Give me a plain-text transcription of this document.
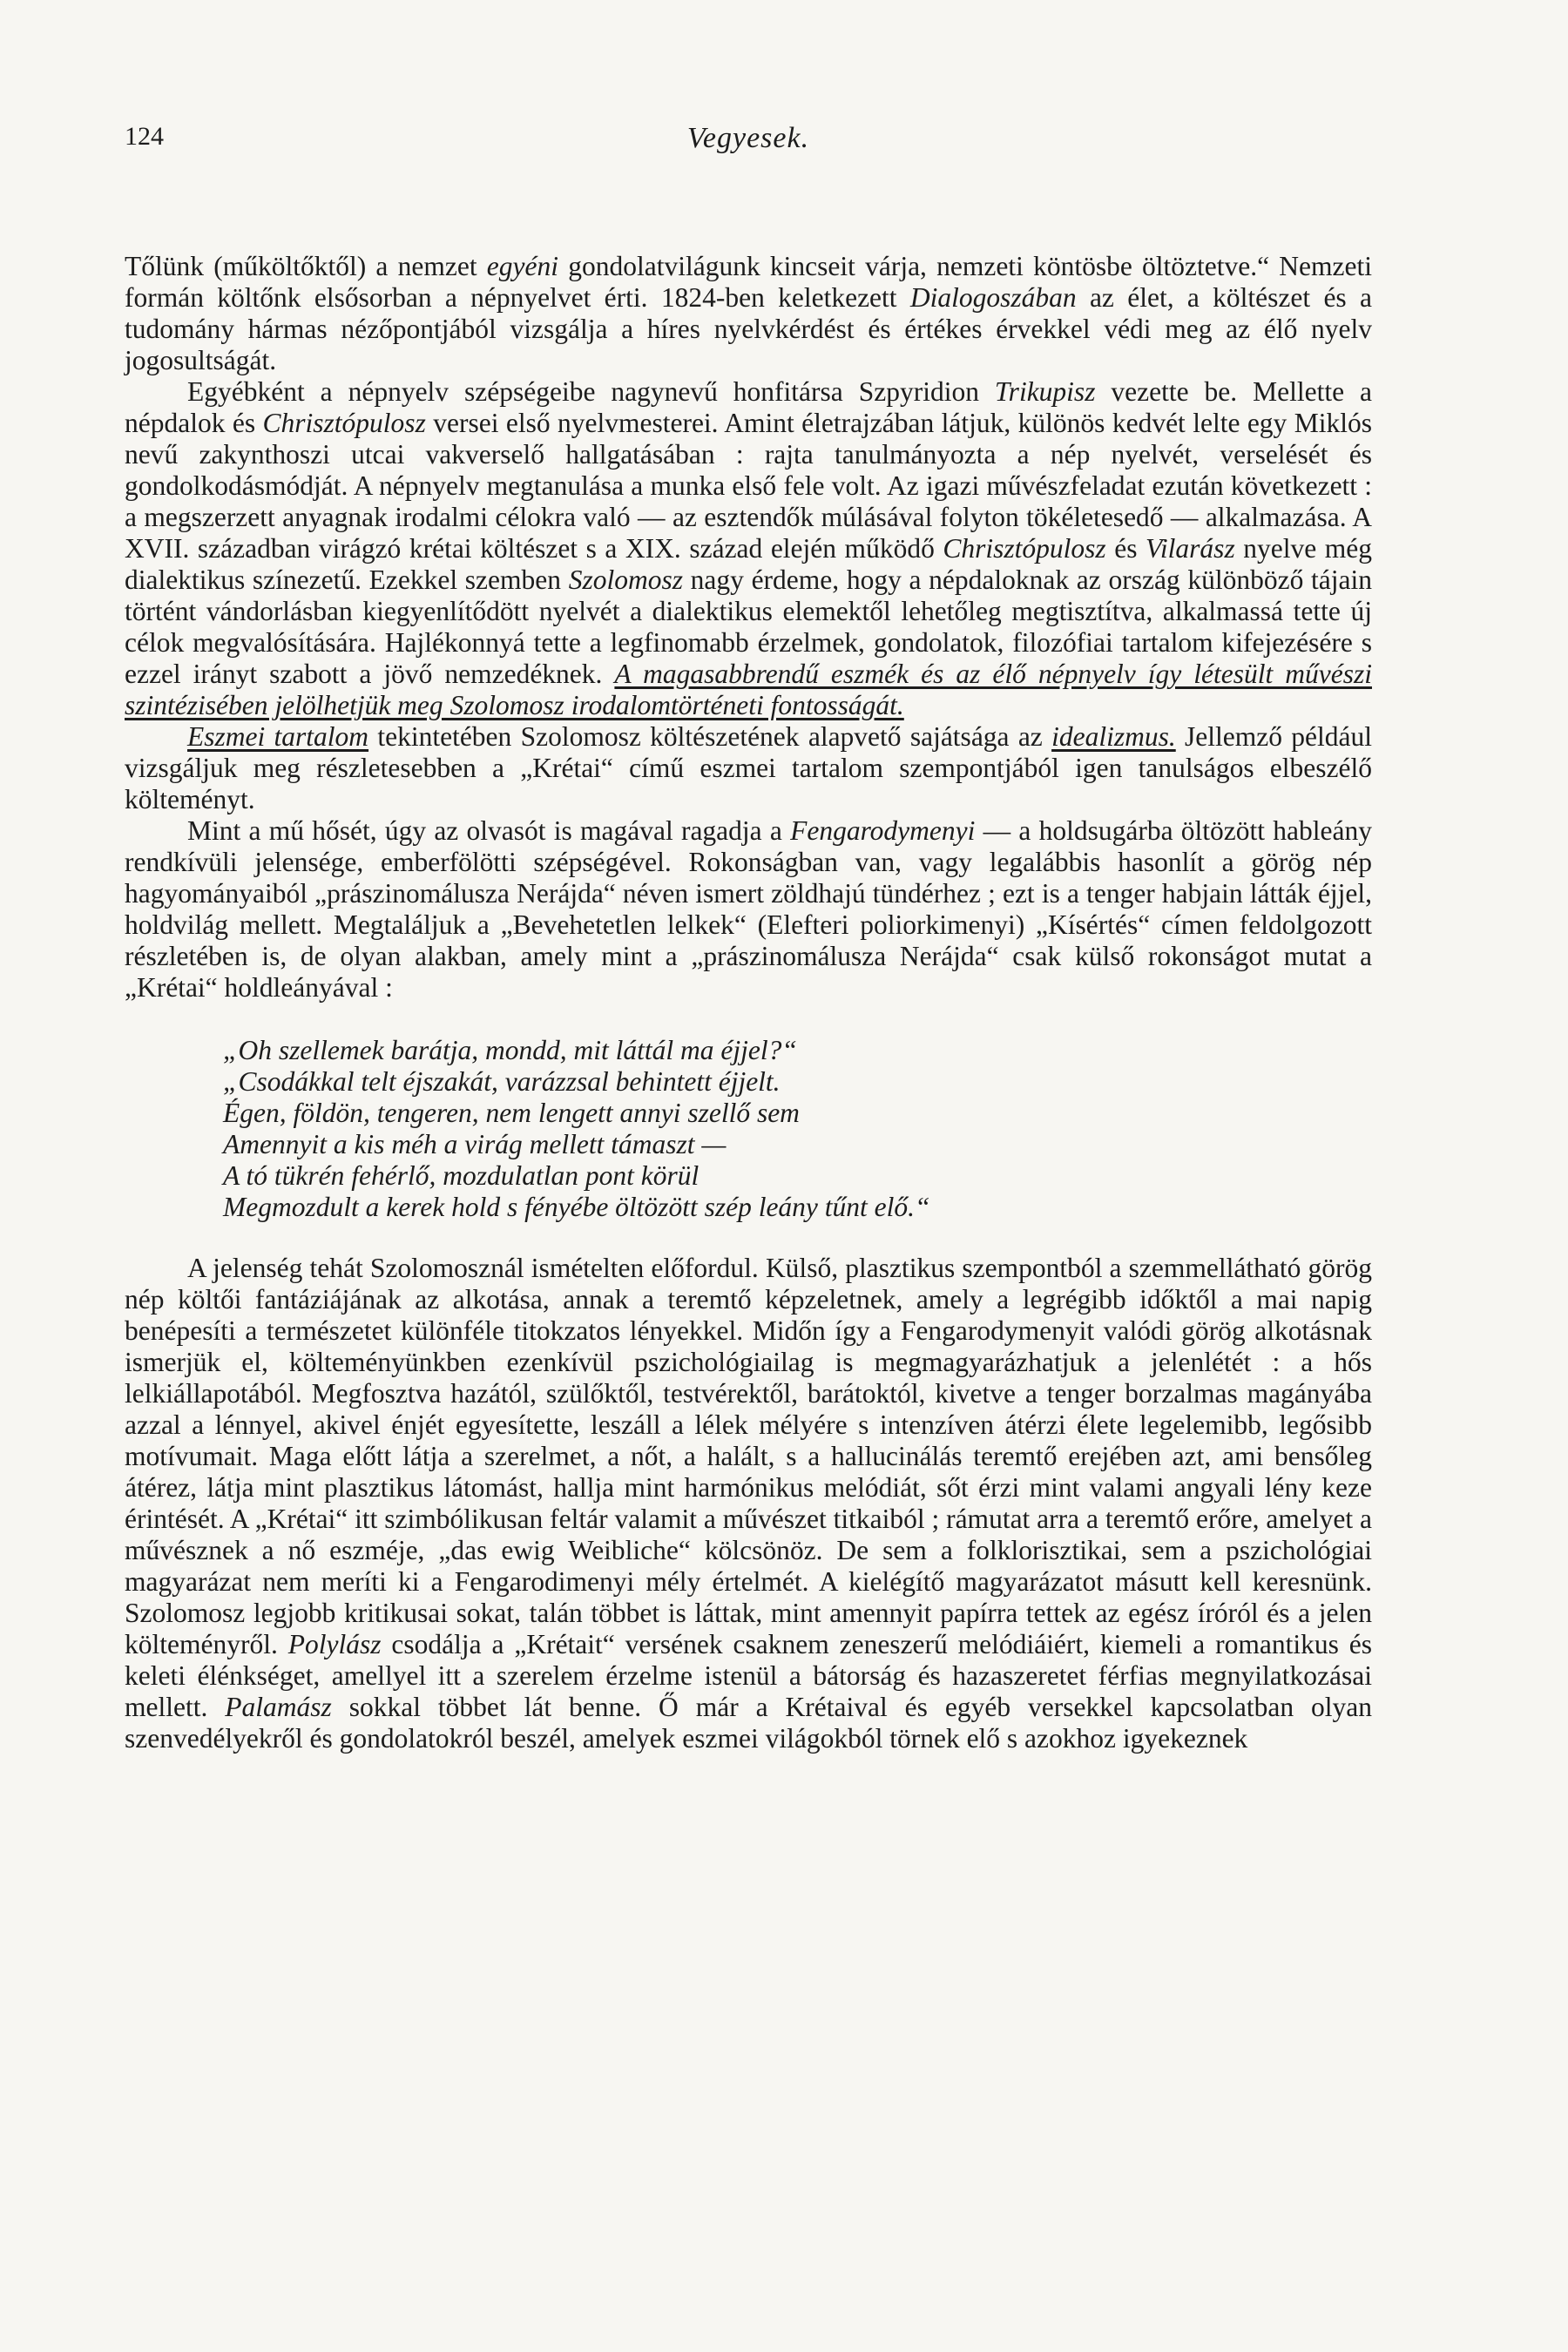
124	Vegyesek.

Tőlünk (műköltőktől) a nemzet egyéni gondolatvilágunk kincseit várja, nemzeti köntösbe öltöztetve.“ Nemzeti formán költőnk elsősorban a népnyelvet érti. 1824-ben keletkezett Dialogoszában az élet, a költészet és a tudomány hármas nézőpontjából vizsgálja a híres nyelvkérdést és értékes érvekkel védi meg az élő nyelv jogosultságát.

Egyébként a népnyelv szépségeibe nagynevű honfitársa Szpyridion Trikupisz vezette be. Mellette a népdalok és Chrisztópulosz versei első nyelvmesterei. Amint életrajzában látjuk, különös kedvét lelte egy Miklós nevű zakynthoszi utcai vakverselő hallgatásában : rajta tanulmányozta a nép nyelvét, verselését és gondolkodásmódját. A népnyelv megtanulása a munka első fele volt. Az igazi művészfeladat ezután következett : a megszerzett anyagnak irodalmi célokra való — az esztendők múlásával folyton tökéletesedő — alkalmazása. A XVII. században virágzó krétai költészet s a XIX. század elején működő Chrisztópulosz és Vilarász nyelve még dialektikus színezetű. Ezekkel szemben Szolomosz nagy érdeme, hogy a népdaloknak az ország különböző tájain történt vándorlásban kiegyenlítődött nyelvét a dialektikus elemektől lehetőleg megtisztítva, alkalmassá tette új célok megvalósítására. Hajlékonnyá tette a legfinomabb érzelmek, gondolatok, filozófiai tartalom kifejezésére s ezzel irányt szabott a jövő nemzedéknek. A magasabbrendű eszmék és az élő népnyelv így létesült művészi szintézisében jelölhetjük meg Szolomosz irodalomtörténeti fontosságát.

Eszmei tartalom tekintetében Szolomosz költészetének alapvető sajátsága az idealizmus. Jellemző például vizsgáljuk meg részletesebben a „Krétai“ című eszmei tartalom szempontjából igen tanulságos elbeszélő költeményt.

Mint a mű hősét, úgy az olvasót is magával ragadja a Fengarodymenyi — a holdsugárba öltözött hableány rendkívüli jelensége, emberfölötti szépségével. Rokonságban van, vagy legalábbis hasonlít a görög nép hagyományaiból „prászinomálusza Nerájda“ néven ismert zöldhajú tündérhez ; ezt is a tenger habjain látták éjjel, holdvilág mellett. Megtaláljuk a „Bevehetetlen lelkek“ (Elefteri poliorkimenyi) „Kísértés“ címen feldolgozott részletében is, de olyan alakban, amely mint a „prászinomálusza Nerájda“ csak külső rokonságot mutat a „Krétai“ holdleányával :

„Oh szellemek barátja, mondd, mit láttál ma éjjel?“
„Csodákkal telt éjszakát, varázzsal behintett éjjelt.
Égen, földön, tengeren, nem lengett annyi szellő sem
Amennyit a kis méh a virág mellett támaszt —
A tó tükrén fehérlő, mozdulatlan pont körül
Megmozdult a kerek hold s fényébe öltözött szép leány tűnt elő.“

A jelenség tehát Szolomosznál ismételten előfordul. Külső, plasztikus szempontból a szemmellátható görög nép költői fantáziájának az alkotása, annak a teremtő képzeletnek, amely a legrégibb időktől a mai napig benépesíti a természetet különféle titokzatos lényekkel. Midőn így a Fengarodymenyit valódi görög alkotásnak ismerjük el, költeményünkben ezenkívül pszichológiailag is megmagyarázhatjuk a jelenlétét : a hős lelkiállapotából. Megfosztva hazától, szülőktől, testvérektől, barátoktól, kivetve a tenger borzalmas magányába azzal a lénnyel, akivel énjét egyesítette, leszáll a lélek mélyére s intenzíven átérzi élete legelemibb, legősibb motívumait. Maga előtt látja a szerelmet, a nőt, a halált, s a hallucinálás teremtő erejében azt, ami bensőleg átérez, látja mint plasztikus látomást, hallja mint harmónikus melódiát, sőt érzi mint valami angyali lény keze érintését. A „Krétai“ itt szimbólikusan feltár valamit a művészet titkaiból ; rámutat arra a teremtő erőre, amelyet a művésznek a nő eszméje, „das ewig Weibliche“ kölcsönöz. De sem a folklorisztikai, sem a pszichológiai magyarázat nem meríti ki a Fengarodimenyi mély értelmét. A kielégítő magyarázatot másutt kell keresnünk. Szolomosz legjobb kritikusai sokat, talán többet is láttak, mint amennyit papírra tettek az egész íróról és a jelen költeményről. Polylász csodálja a „Krétait“ versének csaknem zeneszerű melódiáiért, kiemeli a romantikus és keleti élénkséget, amellyel itt a szerelem érzelme istenül a bátorság és hazaszeretet férfias megnyilatkozásai mellett. Palamász sokkal többet lát benne. Ő már a Krétaival és egyéb versekkel kapcsolatban olyan szenvedélyekről és gondolatokról beszél, amelyek eszmei világokból törnek elő s azokhoz igyekeznek
